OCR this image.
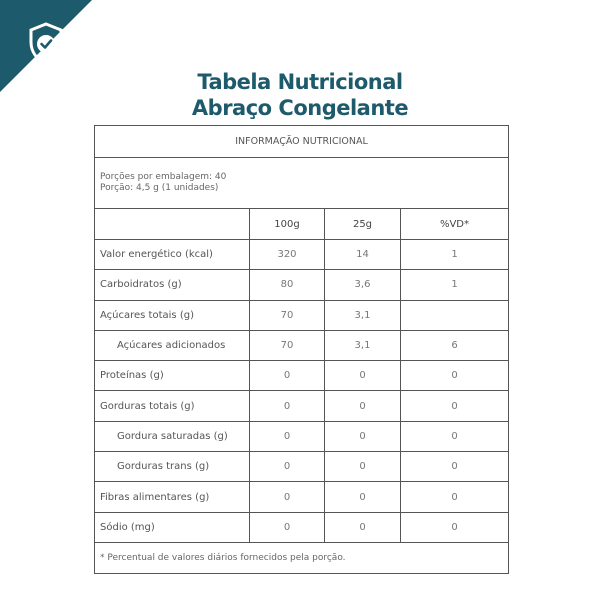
COMPRA
SEGURA	Tabela Nutricional
Abraço Congelante
INFORMAÇÃO NUTRICIONAL			

Porções por embalagem: 40
Porção: 4,5 g (1 unidades)			

	100g	25g	%VD*
Valor energético (kcal)	320	14	1
Carboidratos (g)	80	3,6	1
Açúcares totais (g)	70	3,1	
Açúcares adicionados	70	3,1	6
Proteínas (g)	0	0	0
Gorduras totais (g)	0	0	0
Gordura saturadas (g)	0	0	0
Gorduras trans (g)	0	0	0
Fibras alimentares (g)	0	0	0
Sódio (mg)	0	0	0
* Percentual de valores diários fornecidos pela porção.			
